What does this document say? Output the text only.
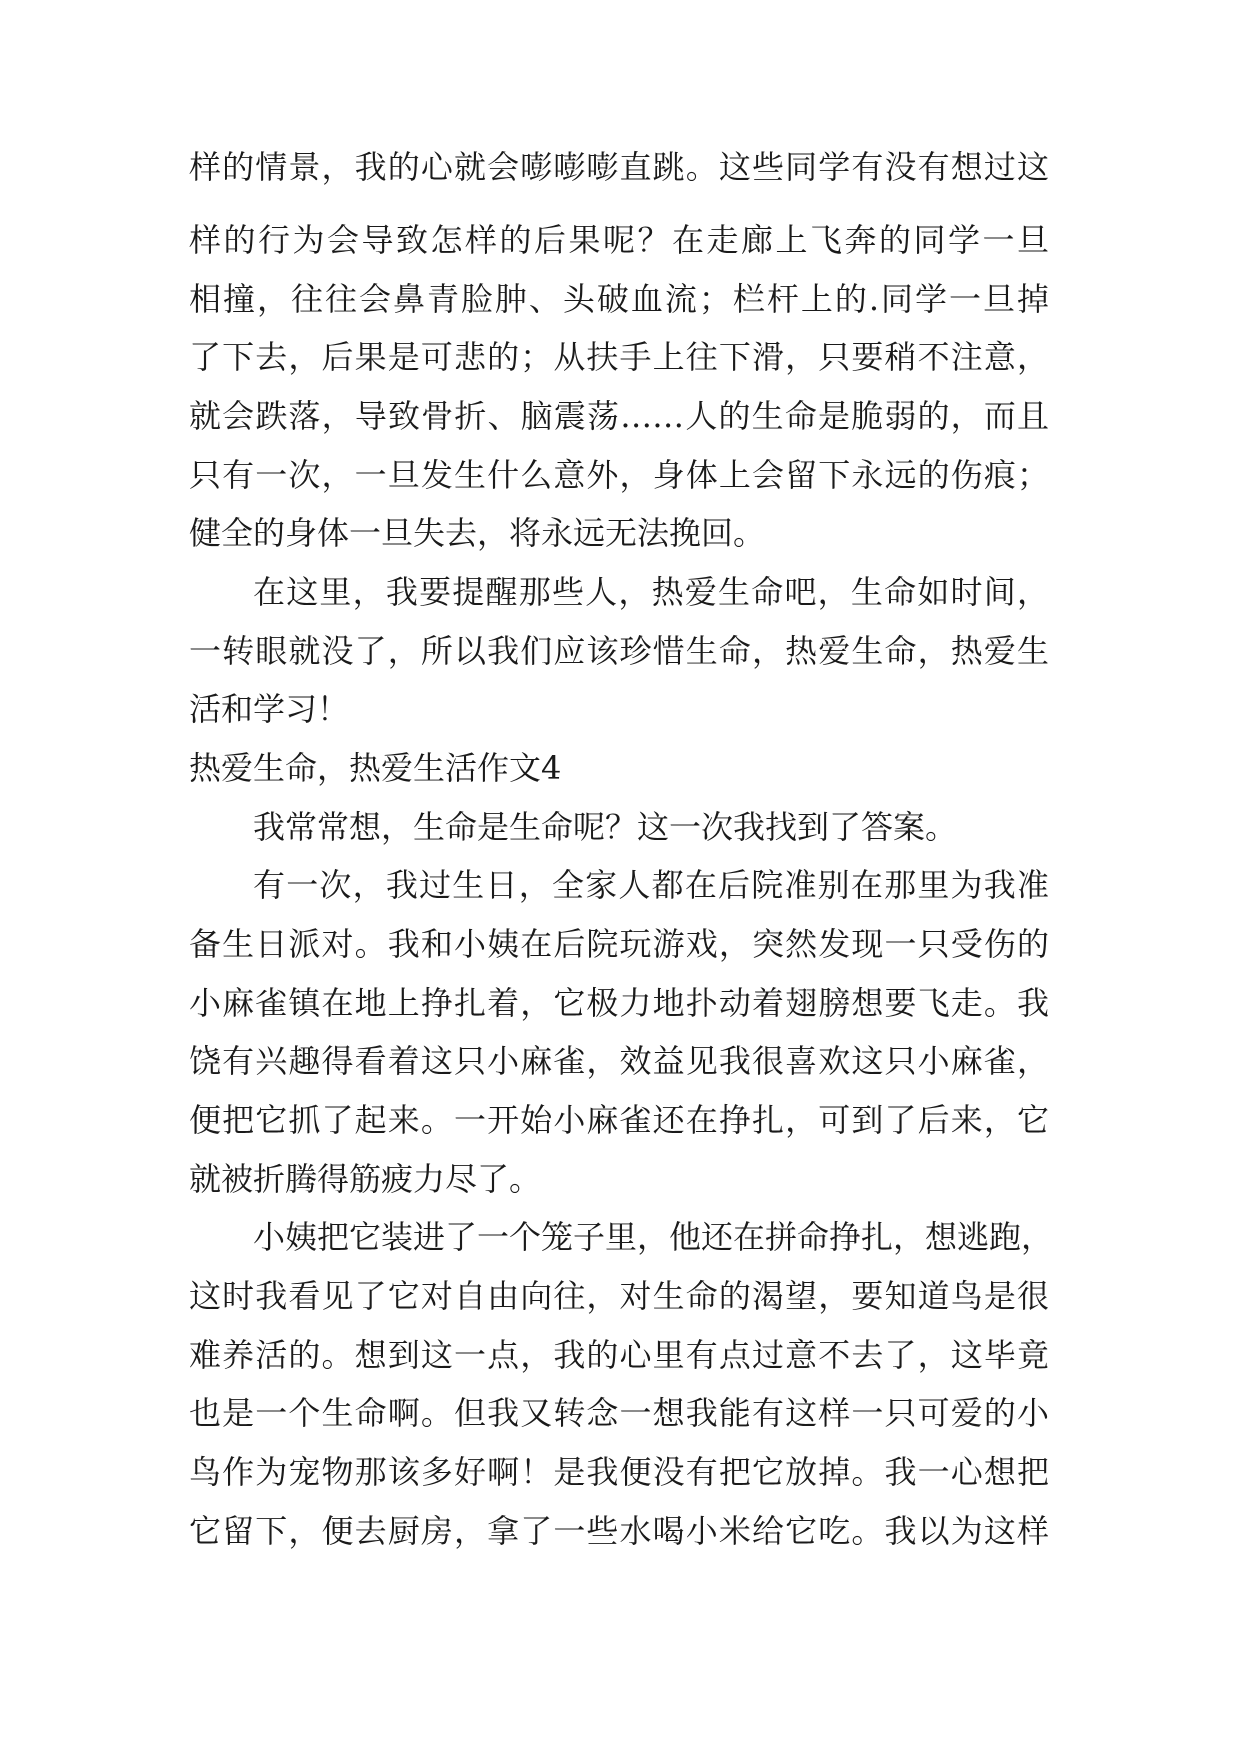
样的情景，我的心就会嘭嘭嘭直跳。这些同学有没有想过这
样的行为会导致怎样的后果呢？在走廊上飞奔的同学一旦
相撞，往往会鼻青脸肿、头破血流；栏杆上的.同学一旦掉
了下去，后果是可悲的；从扶手上往下滑，只要稍不注意，
就会跌落，导致骨折、脑震荡……人的生命是脆弱的，而且
只有一次，一旦发生什么意外，身体上会留下永远的伤痕；
健全的身体一旦失去，将永远无法挽回。
在这里，我要提醒那些人，热爱生命吧，生命如时间，
一转眼就没了，所以我们应该珍惜生命，热爱生命，热爱生
活和学习！
热爱生命，热爱生活作文4
我常常想，生命是生命呢？这一次我找到了答案。
有一次，我过生日，全家人都在后院准别在那里为我准
备生日派对。我和小姨在后院玩游戏，突然发现一只受伤的
小麻雀镇在地上挣扎着，它极力地扑动着翅膀想要飞走。我
饶有兴趣得看着这只小麻雀，效益见我很喜欢这只小麻雀，
便把它抓了起来。一开始小麻雀还在挣扎，可到了后来，它
就被折腾得筋疲力尽了。
小姨把它装进了一个笼子里，他还在拼命挣扎，想逃跑，
这时我看见了它对自由向往，对生命的渴望，要知道鸟是很
难养活的。想到这一点，我的心里有点过意不去了，这毕竟
也是一个生命啊。但我又转念一想我能有这样一只可爱的小
鸟作为宠物那该多好啊！是我便没有把它放掉。我一心想把
它留下，便去厨房，拿了一些水喝小米给它吃。我以为这样
